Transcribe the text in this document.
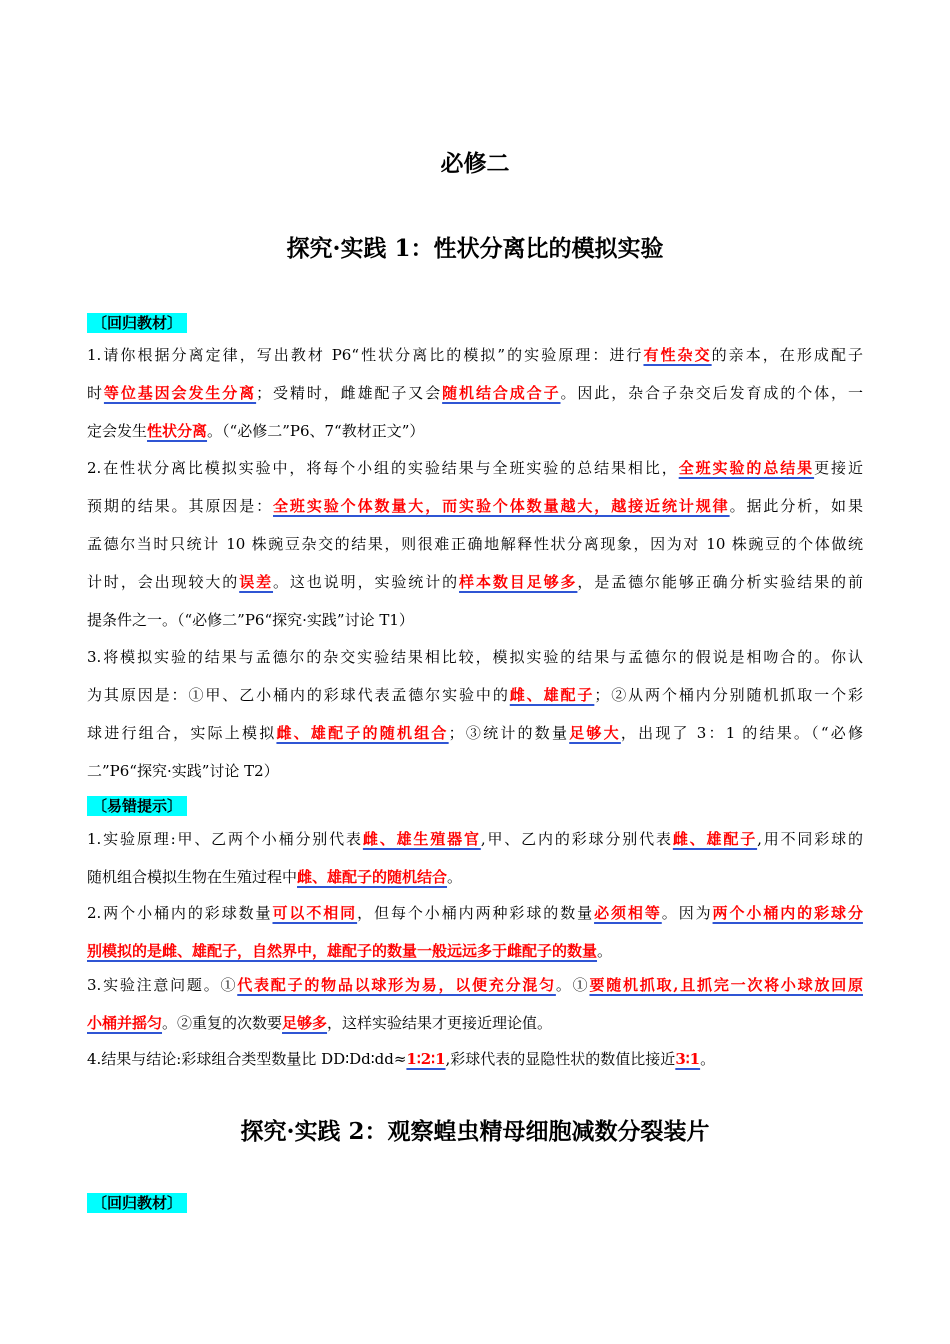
必修二
探究·实践 1：性状分离比的模拟实验
〔回归教材〕
1.请你根据分离定律，写出教材 P6“性状分离比的模拟”的实验原理：进行有性杂交的亲本，在形成配子
时等位基因会发生分离；受精时，雌雄配子又会随机结合成合子。因此，杂合子杂交后发育成的个体，一
定会发生性状分离。（“必修二”P6、7“教材正文”）
2.在性状分离比模拟实验中，将每个小组的实验结果与全班实验的总结果相比，全班实验的总结果更接近
预期的结果。其原因是：全班实验个体数量大，而实验个体数量越大，越接近统计规律。据此分析，如果
孟德尔当时只统计 10 株豌豆杂交的结果，则很难正确地解释性状分离现象，因为对 10 株豌豆的个体做统
计时，会出现较大的误差。这也说明，实验统计的样本数目足够多，是孟德尔能够正确分析实验结果的前
提条件之一。（“必修二”P6“探究·实践”讨论 T1）
3.将模拟实验的结果与孟德尔的杂交实验结果相比较，模拟实验的结果与孟德尔的假说是相吻合的。你认
为其原因是：①甲、乙小桶内的彩球代表孟德尔实验中的雌、雄配子；②从两个桶内分别随机抓取一个彩
球进行组合，实际上模拟雌、雄配子的随机组合；③统计的数量足够大，出现了 3：1 的结果。（“必修
二”P6“探究·实践”讨论 T2）
〔易错提示〕
1.实验原理:甲、乙两个小桶分别代表雌、雄生殖器官,甲、乙内的彩球分别代表雌、雄配子,用不同彩球的
随机组合模拟生物在生殖过程中雌、雄配子的随机结合。
2.两个小桶内的彩球数量可以不相同，但每个小桶内两种彩球的数量必须相等。因为两个小桶内的彩球分
别模拟的是雌、雄配子，自然界中，雄配子的数量一般远远多于雌配子的数量。
3.实验注意问题。①代表配子的物品以球形为易，以便充分混匀。①要随机抓取,且抓完一次将小球放回原
小桶并摇匀。②重复的次数要足够多，这样实验结果才更接近理论值。
4.结果与结论:彩球组合类型数量比 DD∶Dd∶dd≈1∶2∶1,彩球代表的显隐性状的数值比接近3∶1。
探究·实践 2：观察蝗虫精母细胞减数分裂装片
〔回归教材〕
